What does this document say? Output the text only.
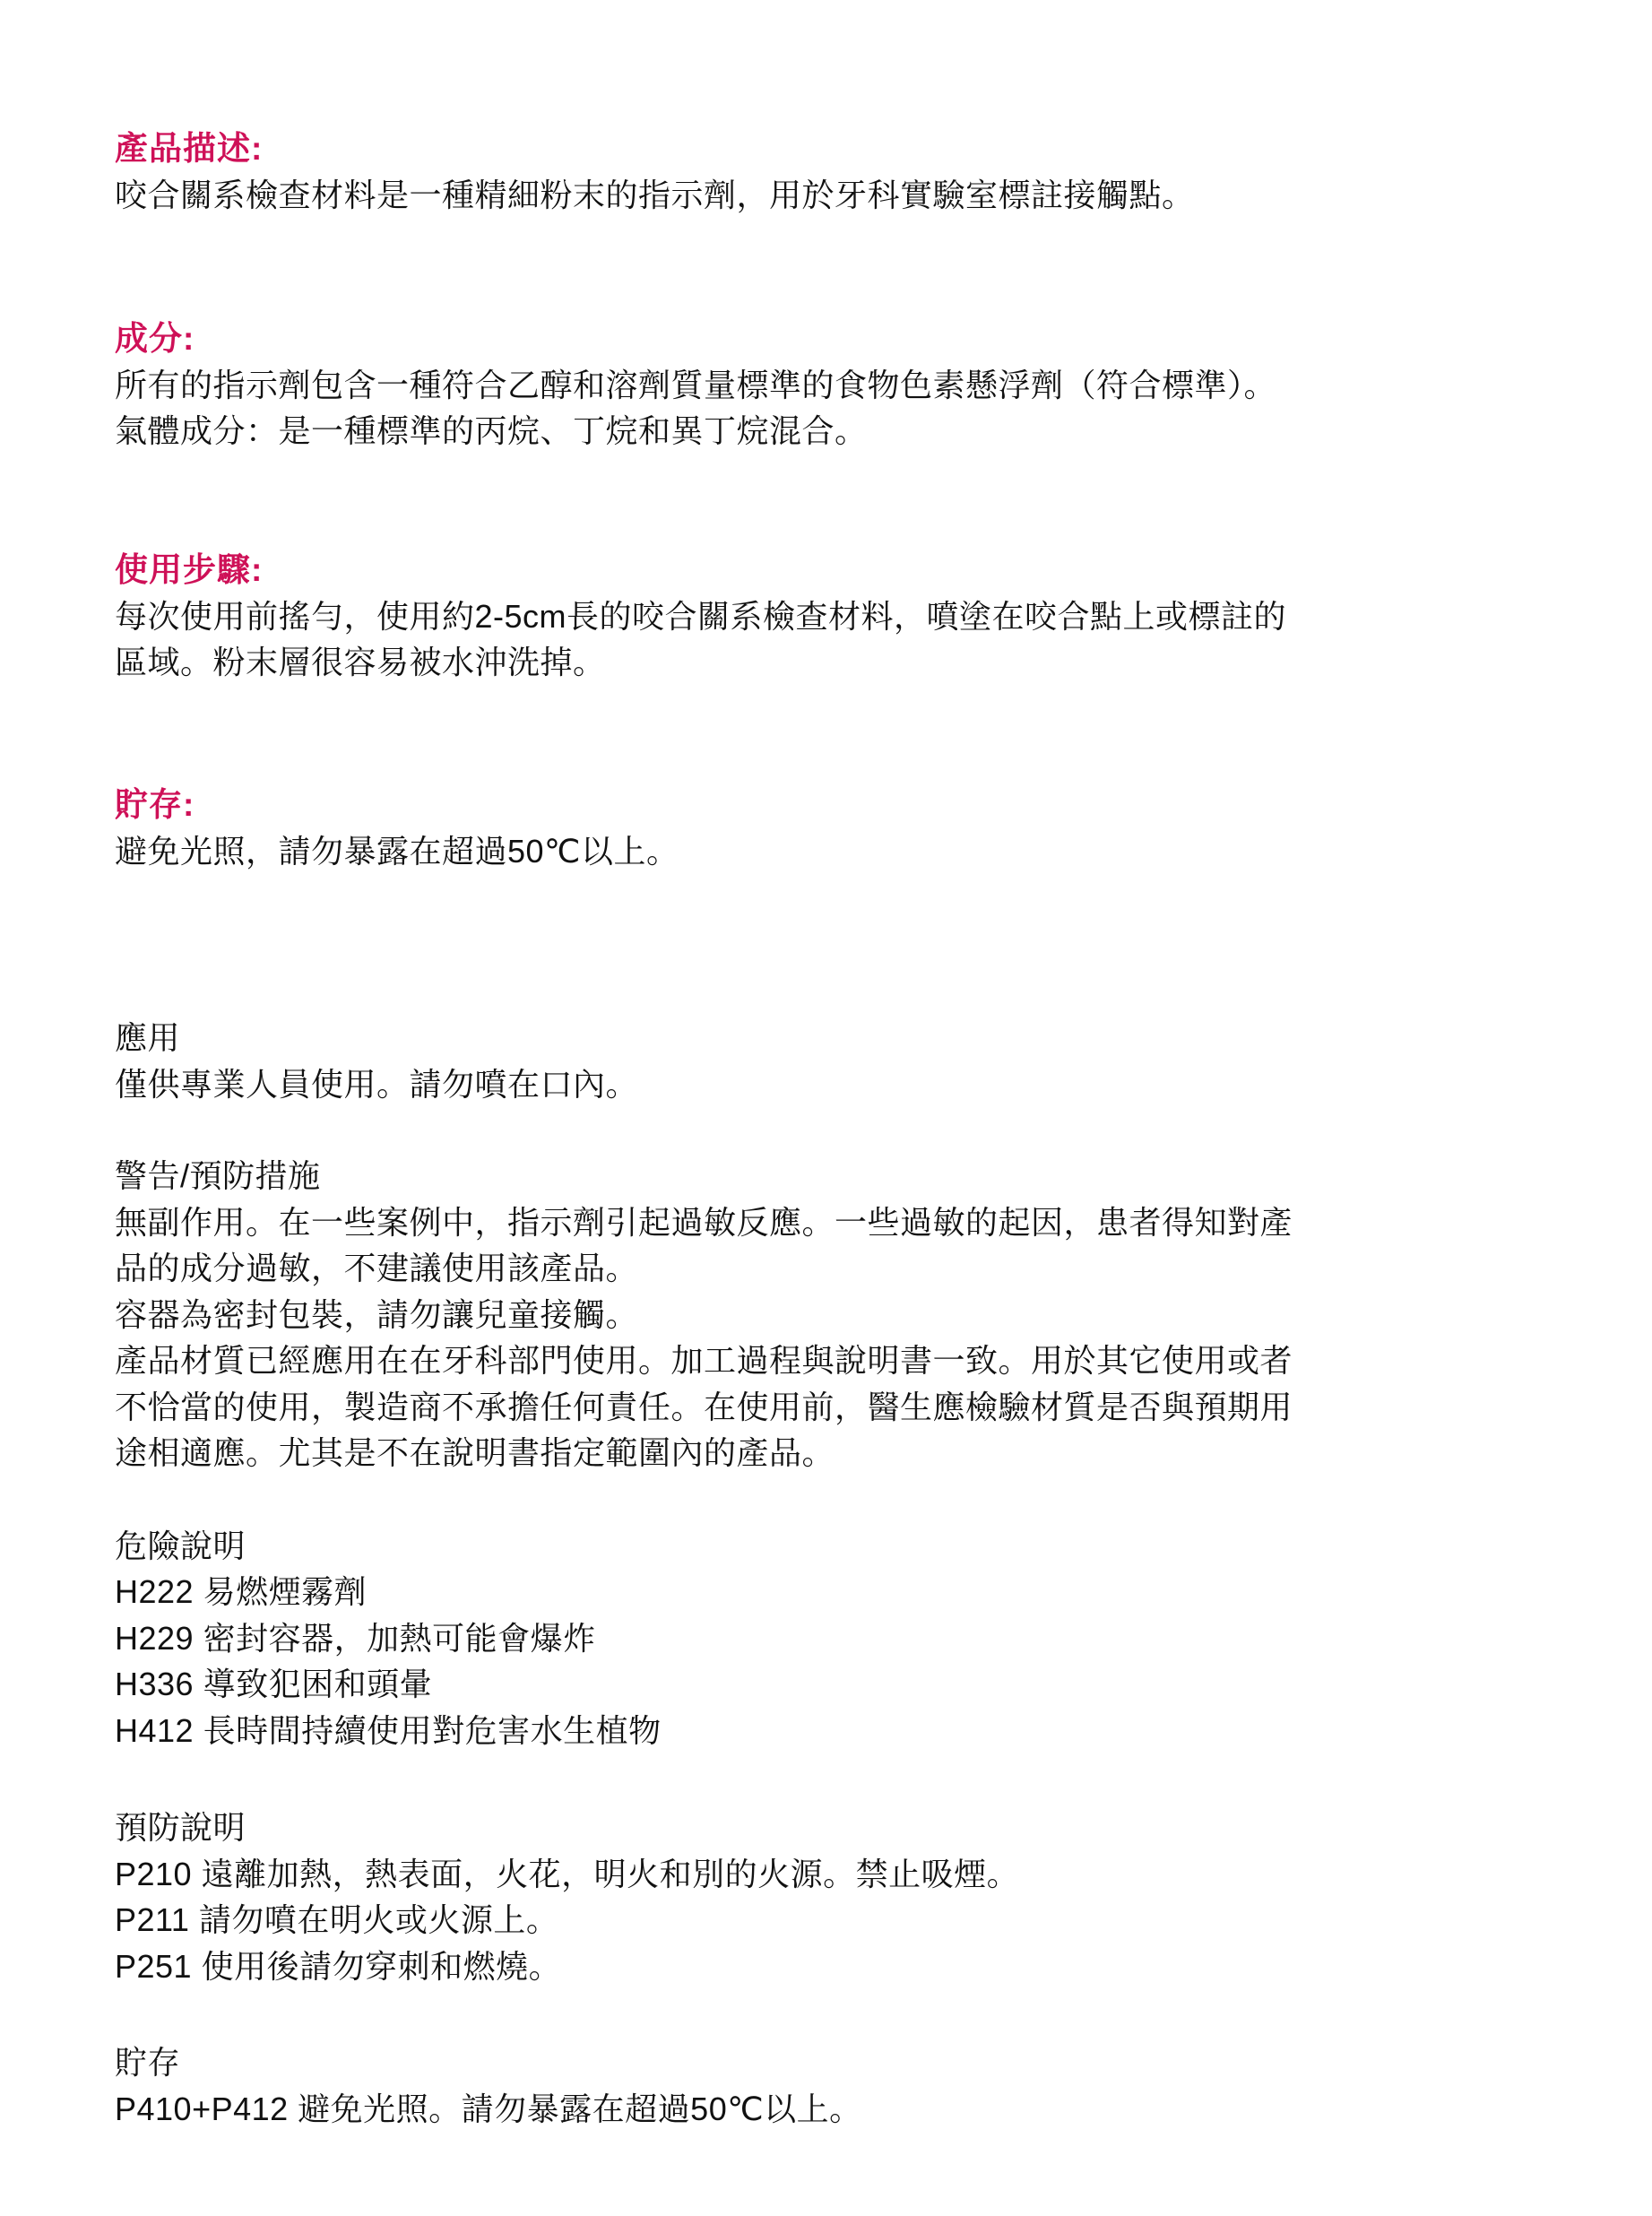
產品描述:

咬合關系檢查材料是一種精細粉末的指示劑，用於牙科實驗室標註接觸點。

成分:

所有的指示劑包含一種符合乙醇和溶劑質量標準的食物色素懸浮劑（符合標準）。

氣體成分：是一種標準的丙烷、丁烷和異丁烷混合。

使用步驟:

每次使用前搖勻，使用約2-5cm長的咬合關系檢查材料，噴塗在咬合點上或標註的

區域。粉末層很容易被水沖洗掉。

貯存:

避免光照，請勿暴露在超過50℃以上。

應用

僅供專業人員使用。請勿噴在口內。

警告/預防措施

無副作用。在一些案例中，指示劑引起過敏反應。一些過敏的起因，患者得知對產

品的成分過敏，不建議使用該產品。

容器為密封包裝，請勿讓兒童接觸。

產品材質已經應用在在牙科部門使用。加工過程與說明書一致。用於其它使用或者

不恰當的使用，製造商不承擔任何責任。在使用前，醫生應檢驗材質是否與預期用

途相適應。尤其是不在說明書指定範圍內的產品。

危險說明

H222 易燃煙霧劑

H229 密封容器，加熱可能會爆炸

H336 導致犯困和頭暈

H412 長時間持續使用對危害水生植物

預防說明

P210 遠離加熱，熱表面，火花，明火和別的火源。禁止吸煙。

P211 請勿噴在明火或火源上。

P251 使用後請勿穿刺和燃燒。

貯存

P410+P412 避免光照。請勿暴露在超過50℃以上。
